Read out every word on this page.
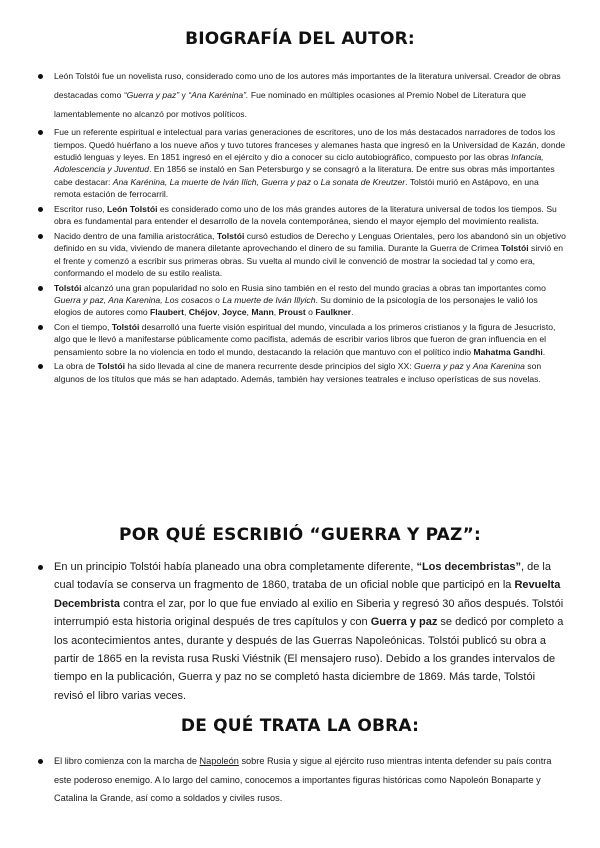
BIOGRAFÍA DEL AUTOR:
León Tolstói fue un novelista ruso, considerado como uno de los autores más importantes de la literatura universal. Creador de obras destacadas como “Guerra y paz” y “Ana Karénina”. Fue nominado en múltiples ocasiones al Premio Nobel de Literatura que lamentablemente no alcanzó por motivos políticos.
Fue un referente espiritual e intelectual para varias generaciones de escritores, uno de los más destacados narradores de todos los tiempos. Quedó huérfano a los nueve años y tuvo tutores franceses y alemanes hasta que ingresó en la Universidad de Kazán, donde estudió lenguas y leyes. En 1851 ingresó en el ejército y dio a conocer su ciclo autobiográfico, compuesto por las obras Infancia, Adolescencia y Juventud. En 1856 se instaló en San Petersburgo y se consagró a la literatura. De entre sus obras más importantes cabe destacar: Ana Karénina, La muerte de Iván Ilich, Guerra y paz o La sonata de Kreutzer. Tolstói murió en Astápovo, en una remota estación de ferrocarril.
Escritor ruso, León Tolstói es considerado como uno de los más grandes autores de la literatura universal de todos los tiempos. Su obra es fundamental para entender el desarrollo de la novela contemporánea, siendo el mayor ejemplo del movimiento realista.
Nacido dentro de una familia aristocrática, Tolstói cursó estudios de Derecho y Lenguas Orientales, pero los abandonó sin un objetivo definido en su vida, viviendo de manera diletante aprovechando el dinero de su familia. Durante la Guerra de Crimea Tolstói sirvió en el frente y comenzó a escribir sus primeras obras. Su vuelta al mundo civil le convenció de mostrar la sociedad tal y como era, conformando el modelo de su estilo realista.
Tolstói alcanzó una gran popularidad no solo en Rusia sino también en el resto del mundo gracias a obras tan importantes como Guerra y paz, Ana Karenina, Los cosacos o La muerte de Iván Illyich. Su dominio de la psicología de los personajes le valió los elogios de autores como Flaubert, Chéjov, Joyce, Mann, Proust o Faulkner.
Con el tiempo, Tolstói desarrolló una fuerte visión espiritual del mundo, vinculada a los primeros cristianos y la figura de Jesucristo, algo que le llevó a manifestarse públicamente como pacifista, además de escribir varios libros que fueron de gran influencia en el pensamiento sobre la no violencia en todo el mundo, destacando la relación que mantuvo con el político indio Mahatma Gandhi.
La obra de Tolstói ha sido llevada al cine de manera recurrente desde principios del siglo XX: Guerra y paz y Ana Karenina son algunos de los títulos que más se han adaptado. Además, también hay versiones teatrales e incluso operísticas de sus novelas.
POR QUÉ ESCRIBIÓ “GUERRA Y PAZ”:
En un principio Tolstói había planeado una obra completamente diferente, “Los decembristas”, de la cual todavía se conserva un fragmento de 1860, trataba de un oficial noble que participó en la Revuelta Decembrista contra el zar, por lo que fue enviado al exilio en Siberia y regresó 30 años después. Tolstói interrumpió esta historia original después de tres capítulos y con Guerra y paz se dedicó por completo a los acontecimientos antes, durante y después de las Guerras Napoleónicas. Tolstói publicó su obra a partir de 1865 en la revista rusa Ruski Viéstnik (El mensajero ruso). Debido a los grandes intervalos de tiempo en la publicación, Guerra y paz no se completó hasta diciembre de 1869. Más tarde, Tolstói revisó el libro varias veces.
DE QUÉ TRATA LA OBRA:
El libro comienza con la marcha de Napoleón sobre Rusia y sigue al ejército ruso mientras intenta defender su país contra este poderoso enemigo. A lo largo del camino, conocemos a importantes figuras históricas como Napoleón Bonaparte y Catalina la Grande, así como a soldados y civiles rusos.
